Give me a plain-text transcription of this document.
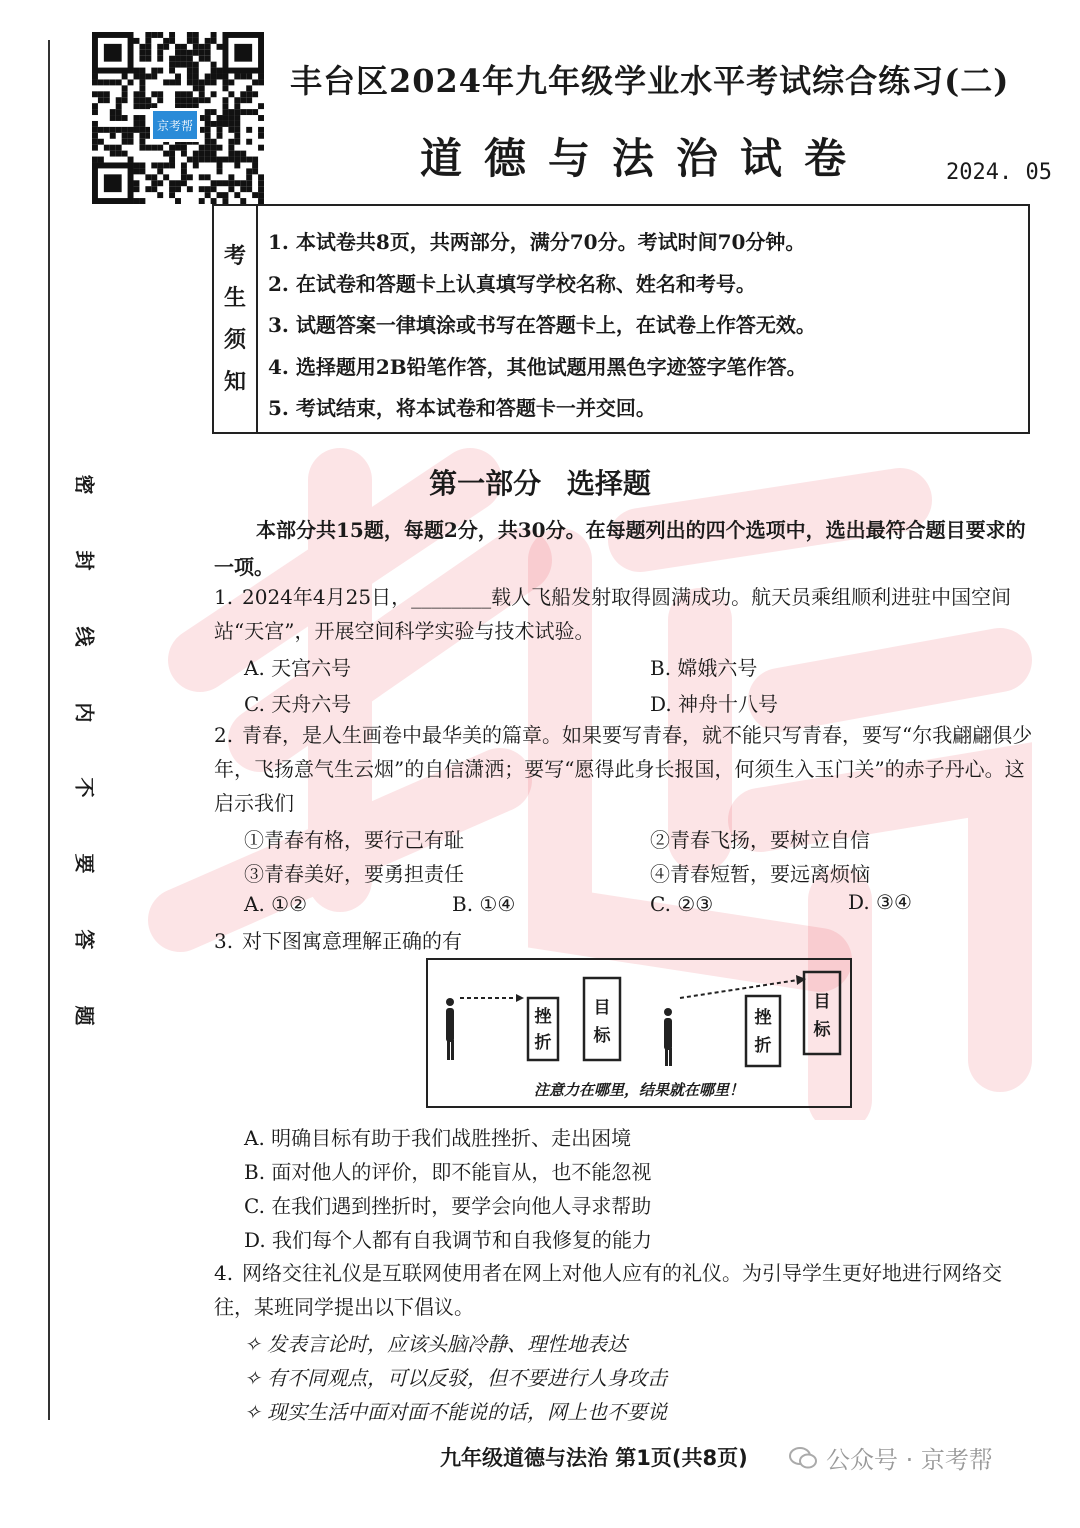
京考帮
密
封
线
内
不
要
答
题
丰台区2024年九年级学业水平考试综合练习(二)
道德与法治试卷	2024. 05
考
生
须
知
1. 本试卷共8页，共两部分，满分70分。考试时间70分钟。
2. 在试卷和答题卡上认真填写学校名称、姓名和考号。
3. 试题答案一律填涂或书写在答题卡上，在试卷上作答无效。
4. 选择题用2B铅笔作答，其他试题用黑色字迹签字笔作答。
5. 考试结束，将本试卷和答题卡一并交回。
第一部分 选择题
本部分共15题，每题2分，共30分。在每题列出的四个选项中，选出最符合题目要求的一项。
1. 2024年4月25日，________载人飞船发射取得圆满成功。航天员乘组顺利进驻中国空间站“天宫”，开展空间科学实验与技术试验。
A. 天宫六号	B. 嫦娥六号
C. 天舟六号	D. 神舟十八号
2. 青春，是人生画卷中最华美的篇章。如果要写青春，就不能只写青春，要写“尔我翩翩俱少年，飞扬意气生云烟”的自信潇洒；要写“愿得此身长报国，何须生入玉门关”的赤子丹心。这启示我们
①青春有格，要行己有耻	②青春飞扬，要树立自信
③青春美好，要勇担责任	④青春短暂，要远离烦恼
A. ①②	B. ①④	C. ②③	D. ③④
3. 对下图寓意理解正确的有
挫
折
目
标
挫
折
目
标
注意力在哪里，结果就在哪里！
A. 明确目标有助于我们战胜挫折、走出困境
B. 面对他人的评价，即不能盲从，也不能忽视
C. 在我们遇到挫折时，要学会向他人寻求帮助
D. 我们每个人都有自我调节和自我修复的能力
4. 网络交往礼仪是互联网使用者在网上对他人应有的礼仪。为引导学生更好地进行网络交往，某班同学提出以下倡议。
✧ 发表言论时，应该头脑冷静、理性地表达
✧ 有不同观点，可以反驳，但不要进行人身攻击
✧ 现实生活中面对面不能说的话，网上也不要说
九年级道德与法治 第1页(共8页)	公众号 · 京考帮
